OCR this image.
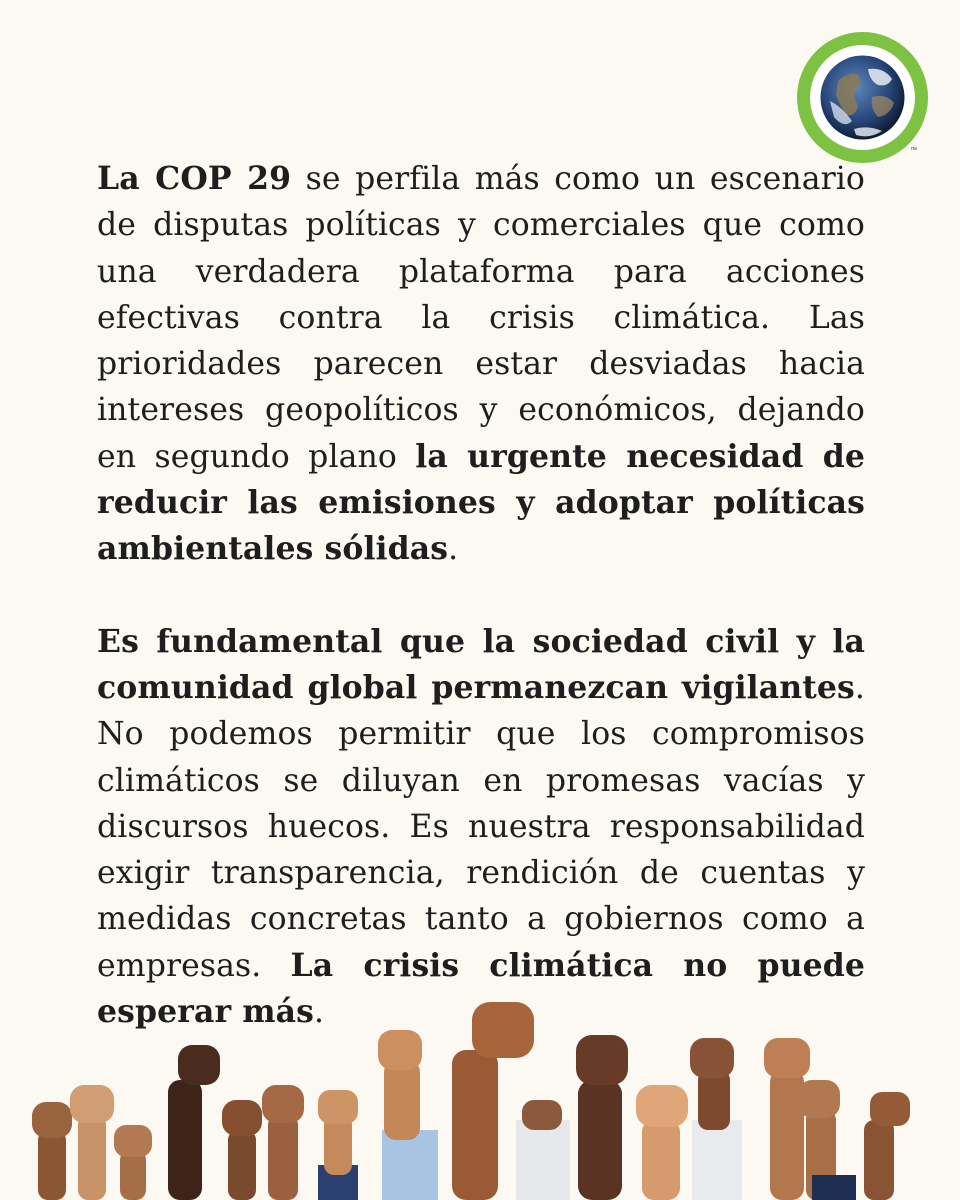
™

La COP 29 se perfila más como un escenario de disputas políticas y comerciales que como una verdadera plataforma para acciones efectivas contra la crisis climática. Las prioridades parecen estar desviadas hacia intereses geopolíticos y económicos, dejando en segundo plano la urgente necesidad de reducir las emisiones y adoptar políticas ambientales sólidas.

Es fundamental que la sociedad civil y la comunidad global permanezcan vigilantes. No podemos permitir que los compromisos climáticos se diluyan en promesas vacías y discursos huecos. Es nuestra responsabilidad exigir transparencia, rendición de cuentas y medidas concretas tanto a gobiernos como a empresas. La crisis climática no puede esperar más.
